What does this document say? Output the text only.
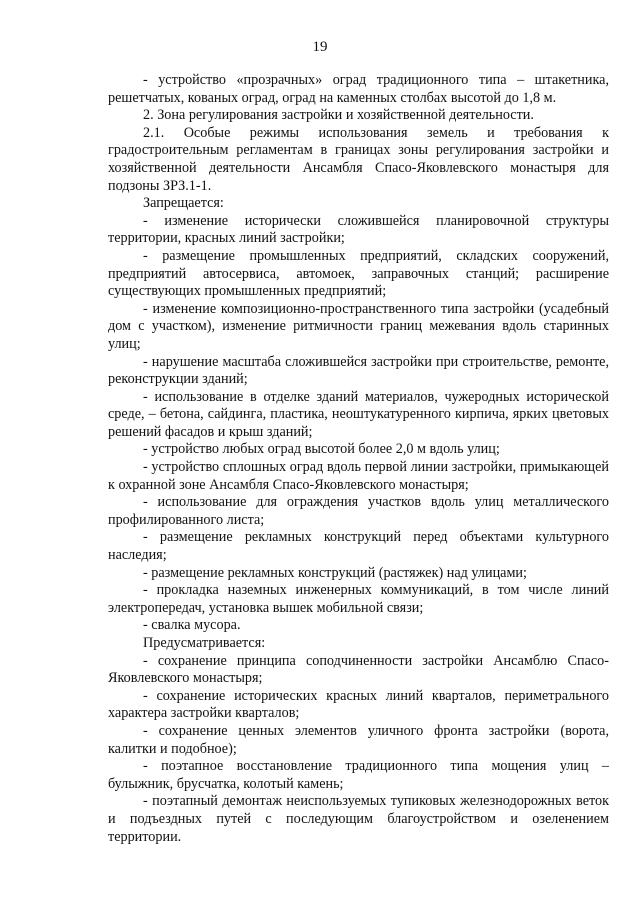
19

- устройство «прозрачных» оград традиционного типа – штакетника, решетчатых, кованых оград, оград на каменных столбах высотой до 1,8 м.

2. Зона регулирования застройки и хозяйственной деятельности.

2.1. Особые режимы использования земель и требования к градостроительным регламентам в границах зоны регулирования застройки и хозяйственной деятельности Ансамбля Спасо-Яковлевского монастыря для подзоны ЗРЗ.1-1.

Запрещается:

- изменение исторически сложившейся планировочной структуры территории, красных линий застройки;

- размещение промышленных предприятий, складских сооружений, предприятий автосервиса, автомоек, заправочных станций; расширение существующих промышленных предприятий;

- изменение композиционно-пространственного типа застройки (усадебный дом с участком), изменение ритмичности границ межевания вдоль старинных улиц;

- нарушение масштаба сложившейся застройки при строительстве, ремонте, реконструкции зданий;

- использование в отделке зданий материалов, чужеродных исторической среде, – бетона, сайдинга, пластика, неоштукатуренного кирпича, ярких цветовых решений фасадов и крыш зданий;

- устройство любых оград высотой более 2,0 м вдоль улиц;

- устройство сплошных оград вдоль первой линии застройки, примыкающей к охранной зоне Ансамбля Спасо-Яковлевского монастыря;

- использование для ограждения участков вдоль улиц металлического профилированного листа;

- размещение рекламных конструкций перед объектами культурного наследия;

- размещение рекламных конструкций (растяжек) над улицами;

- прокладка наземных инженерных коммуникаций, в том числе линий электропередач, установка вышек мобильной связи;

- свалка мусора.

Предусматривается:

- сохранение принципа соподчиненности застройки Ансамблю Спасо-Яковлевского монастыря;

- сохранение исторических красных линий кварталов, периметрального характера застройки кварталов;

- сохранение ценных элементов уличного фронта застройки (ворота, калитки и подобное);

- поэтапное восстановление традиционного типа мощения улиц – булыжник, брусчатка, колотый камень;

- поэтапный демонтаж неиспользуемых тупиковых железнодорожных веток и подъездных путей с последующим благоустройством и озеленением территории.
